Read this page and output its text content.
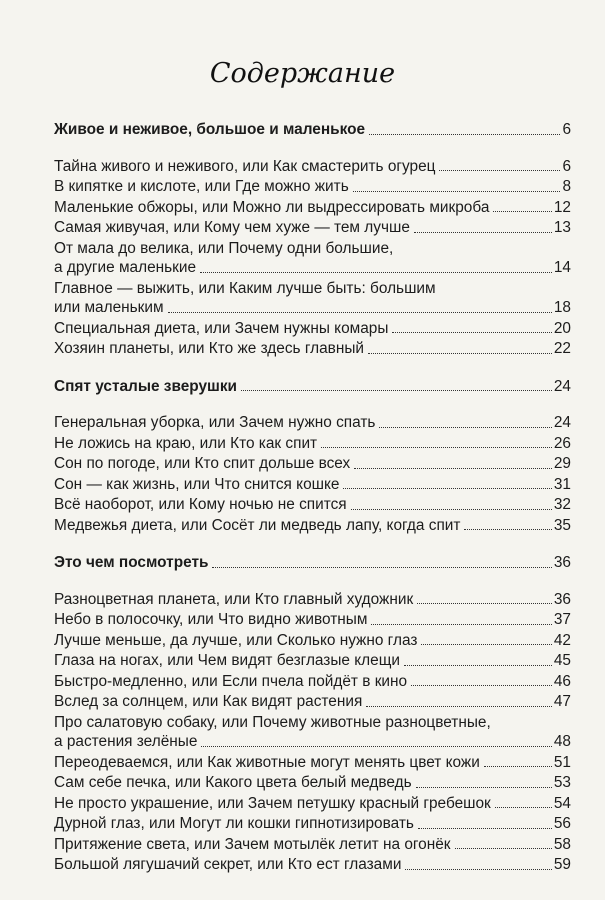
Содержание
Живое и неживое, большое и маленькое	6
Тайна живого и неживого, или Как смастерить огурец	6
В кипятке и кислоте, или Где можно жить	8
Маленькие обжоры, или Можно ли выдрессировать микроба	12
Самая живучая, или Кому чем хуже — тем лучше	13
От мала до велика, или Почему одни большие,
а другие маленькие	14
Главное — выжить, или Каким лучше быть: большим
или маленьким	18
Специальная диета, или Зачем нужны комары	20
Хозяин планеты, или Кто же здесь главный	22
Спят усталые зверушки	24
Генеральная уборка, или Зачем нужно спать	24
Не ложись на краю, или Кто как спит	26
Сон по погоде, или Кто спит дольше всех	29
Сон — как жизнь, или Что снится кошке	31
Всё наоборот, или Кому ночью не спится	32
Медвежья диета, или Сосёт ли медведь лапу, когда спит	35
Это чем посмотреть	36
Разноцветная планета, или Кто главный художник	36
Небо в полосочку, или Что видно животным	37
Лучше меньше, да лучше, или Сколько нужно глаз	42
Глаза на ногах, или Чем видят безглазые клещи	45
Быстро-медленно, или Если пчела пойдёт в кино	46
Вслед за солнцем, или Как видят растения	47
Про салатовую собаку, или Почему животные разноцветные,
а растения зелёные	48
Переодеваемся, или Как животные могут менять цвет кожи	51
Сам себе печка, или Какого цвета белый медведь	53
Не просто украшение, или Зачем петушку красный гребешок	54
Дурной глаз, или Могут ли кошки гипнотизировать	56
Притяжение света, или Зачем мотылёк летит на огонёк	58
Большой лягушачий секрет, или Кто ест глазами	59
